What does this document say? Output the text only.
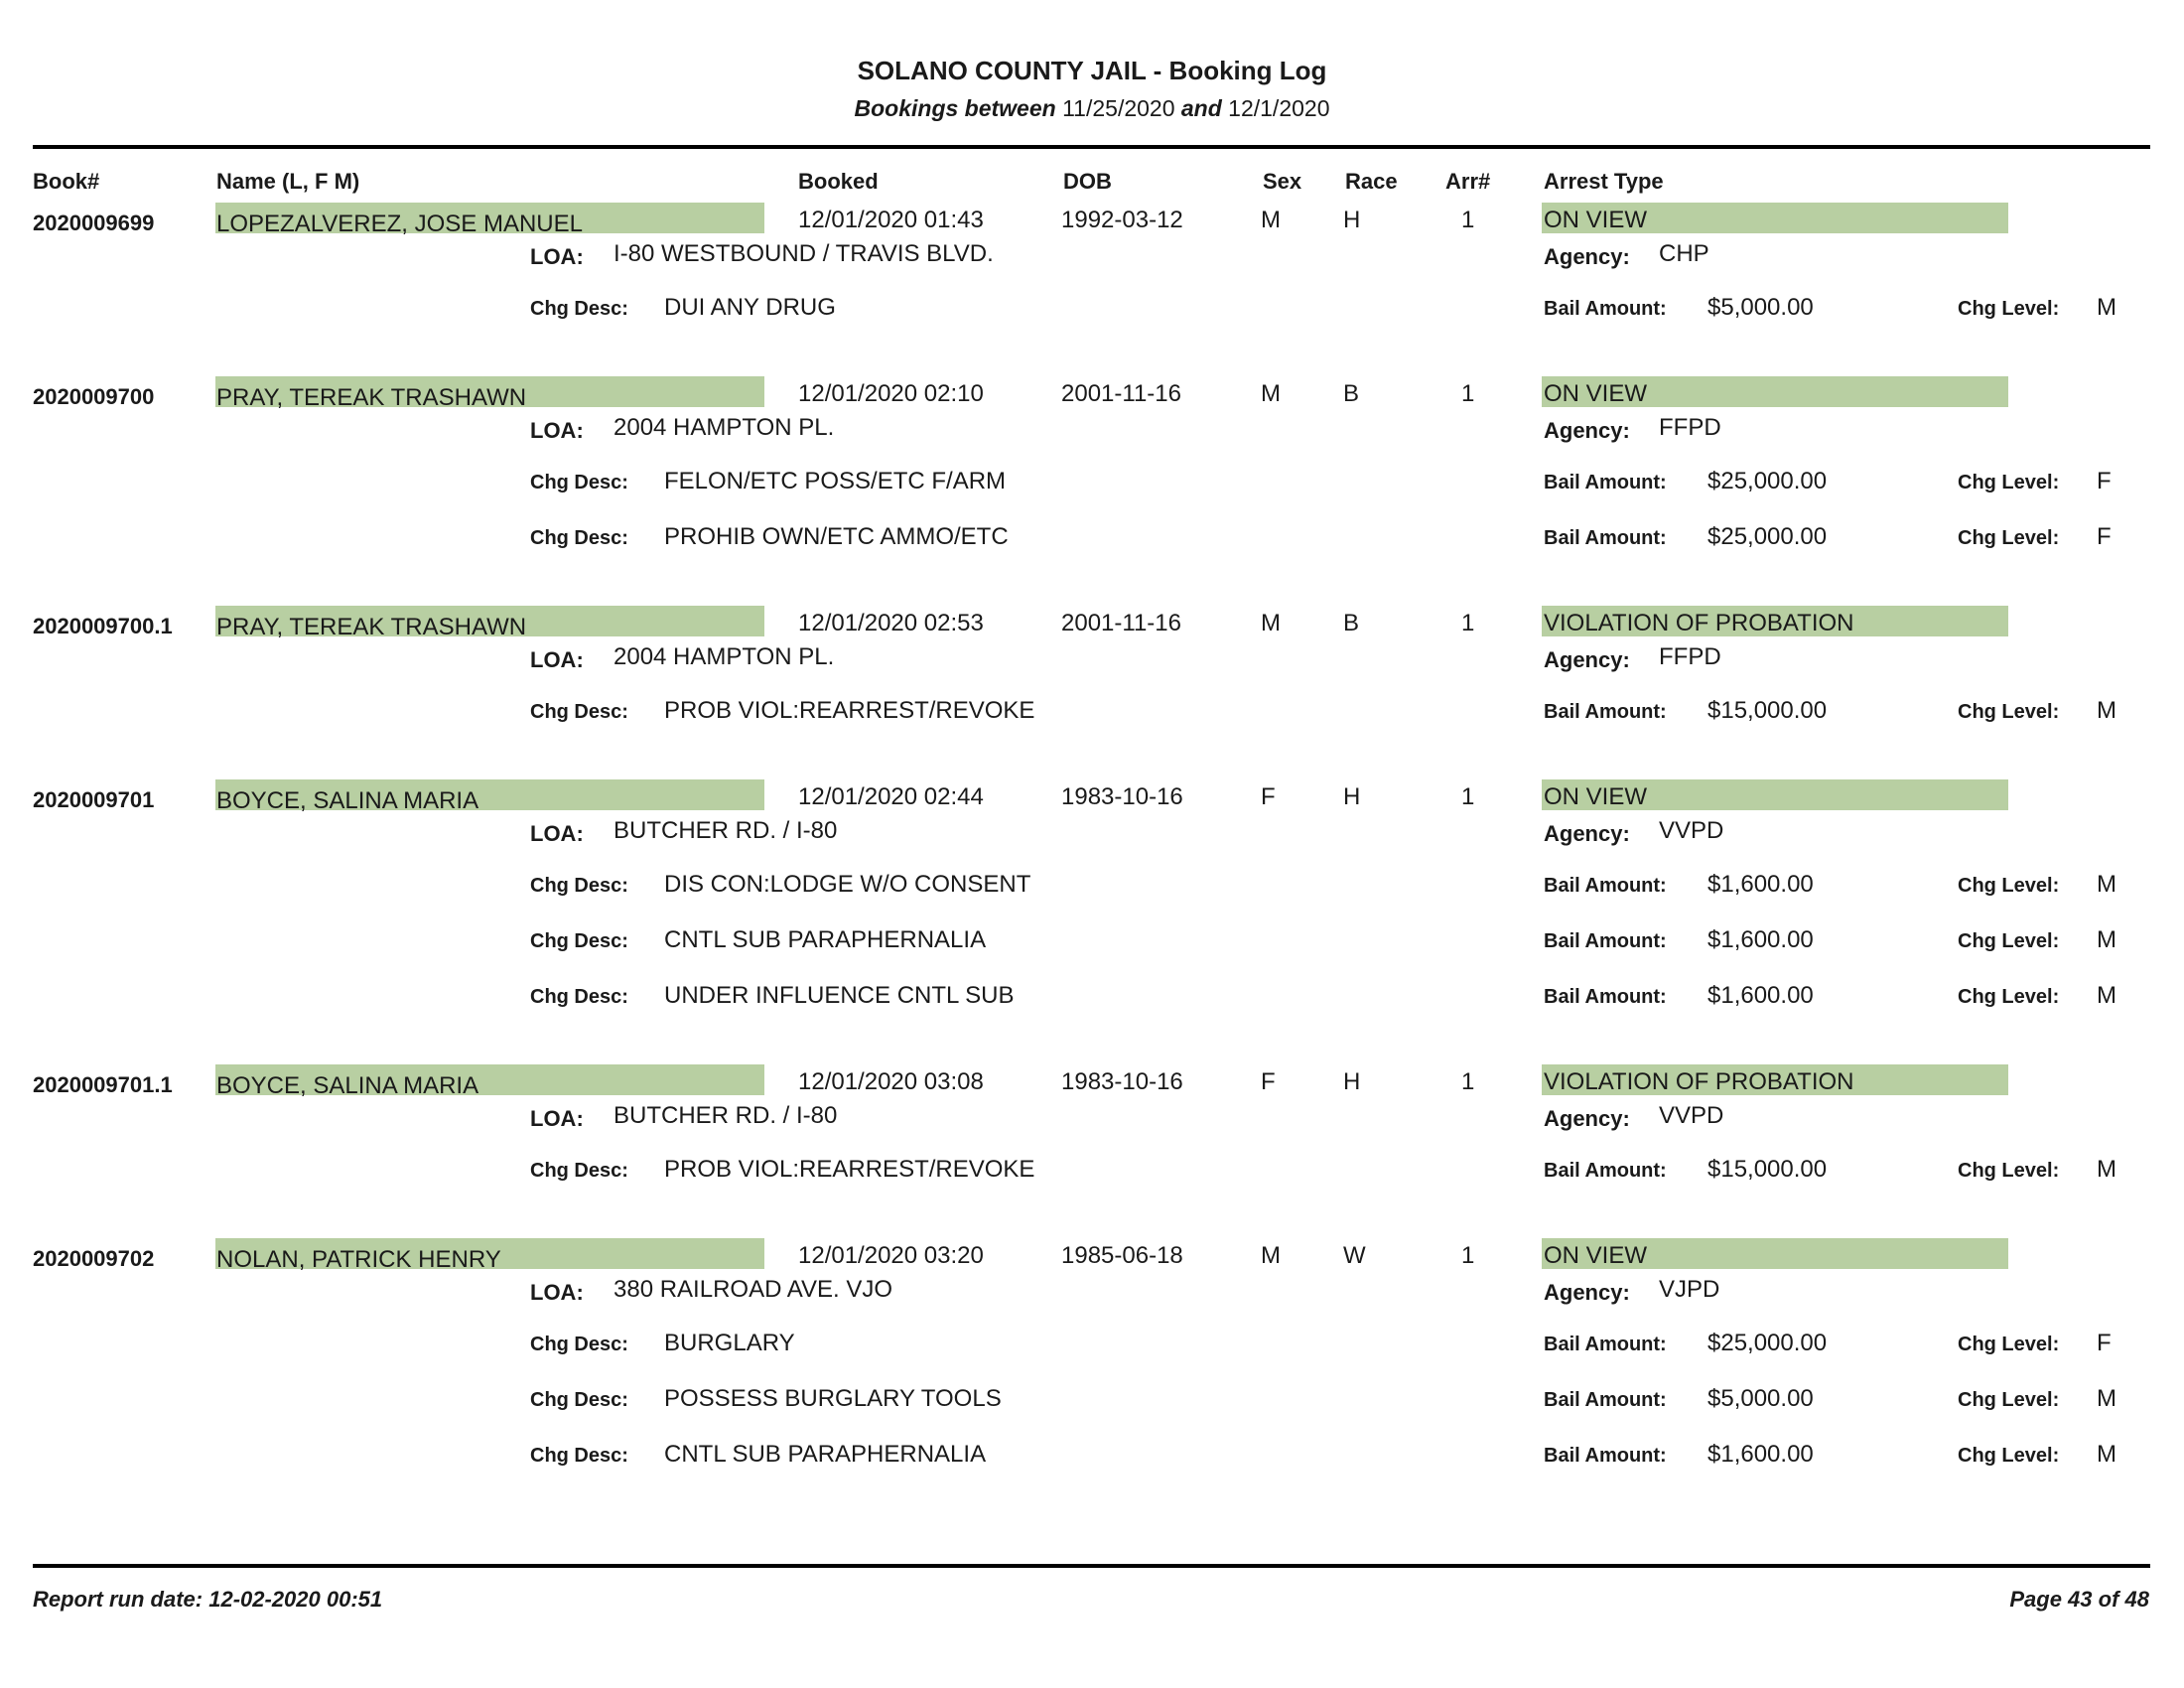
SOLANO COUNTY JAIL - Booking Log
Bookings between 11/25/2020 and 12/1/2020
Book#	Name (L, F M)	Booked	DOB	Sex Race Arr# Arrest Type
2020009699	LOPEZALVEREZ, JOSE MANUEL	12/01/2020 01:43	1992-03-12	M	H	1	ON VIEW
LOA: I-80 WESTBOUND / TRAVIS BLVD.	Agency: CHP
Chg Desc: DUI ANY DRUG	Bail Amount: $5,000.00	Chg Level: M
2020009700	PRAY, TEREAK TRASHAWN	12/01/2020 02:10	2001-11-16	M	B	1	ON VIEW
LOA: 2004 HAMPTON PL.	Agency: FFPD
Chg Desc: FELON/ETC POSS/ETC F/ARM	Bail Amount: $25,000.00	Chg Level: F
Chg Desc: PROHIB OWN/ETC AMMO/ETC	Bail Amount: $25,000.00	Chg Level: F
2020009700.1 PRAY, TEREAK TRASHAWN	12/01/2020 02:53	2001-11-16	M	B	1	VIOLATION OF PROBATION
LOA: 2004 HAMPTON PL.	Agency: FFPD
Chg Desc: PROB VIOL:REARREST/REVOKE	Bail Amount: $15,000.00	Chg Level: M
2020009701	BOYCE, SALINA MARIA	12/01/2020 02:44	1983-10-16	F	H	1	ON VIEW
LOA: BUTCHER RD. / I-80	Agency: VVPD
Chg Desc: DIS CON:LODGE W/O CONSENT	Bail Amount: $1,600.00	Chg Level: M
Chg Desc: CNTL SUB PARAPHERNALIA	Bail Amount: $1,600.00	Chg Level: M
Chg Desc: UNDER INFLUENCE CNTL SUB	Bail Amount: $1,600.00	Chg Level: M
2020009701.1 BOYCE, SALINA MARIA	12/01/2020 03:08	1983-10-16	F	H	1	VIOLATION OF PROBATION
LOA: BUTCHER RD. / I-80	Agency: VVPD
Chg Desc: PROB VIOL:REARREST/REVOKE	Bail Amount: $15,000.00	Chg Level: M
2020009702	NOLAN, PATRICK HENRY	12/01/2020 03:20	1985-06-18	M	W	1	ON VIEW
LOA: 380 RAILROAD AVE. VJO	Agency: VJPD
Chg Desc: BURGLARY	Bail Amount: $25,000.00	Chg Level: F
Chg Desc: POSSESS BURGLARY TOOLS	Bail Amount: $5,000.00	Chg Level: M
Chg Desc: CNTL SUB PARAPHERNALIA	Bail Amount: $1,600.00	Chg Level: M
Report run date: 12-02-2020 00:51	Page 43 of 48
